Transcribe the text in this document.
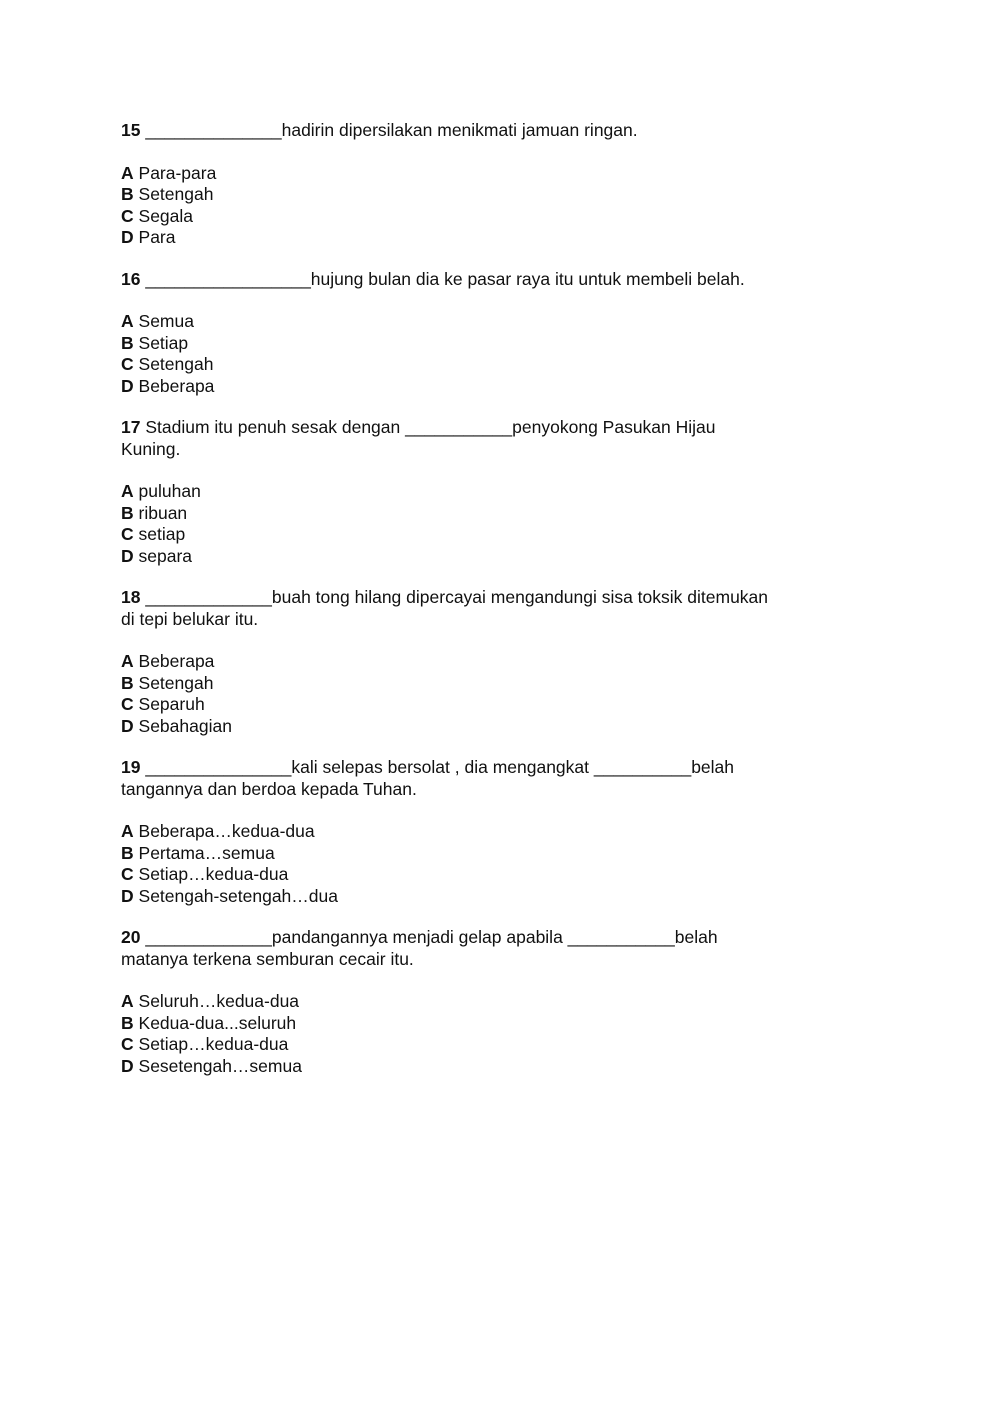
15 ______________hadirin dipersilakan menikmati jamuan ringan.

A Para-para
B Setengah
C Segala
D Para

16 _________________hujung bulan dia ke pasar raya itu untuk membeli belah.

A Semua
B Setiap
C Setengah
D Beberapa

17 Stadium itu penuh sesak dengan ___________penyokong Pasukan Hijau
Kuning.

A puluhan
B ribuan
C setiap
D separa

18 _____________buah tong hilang dipercayai mengandungi sisa toksik ditemukan
di tepi belukar itu.

A Beberapa
B Setengah
C Separuh
D Sebahagian

19 _______________kali selepas bersolat , dia mengangkat __________belah
tangannya dan berdoa kepada Tuhan.

A Beberapa…kedua-dua
B Pertama…semua
C Setiap…kedua-dua
D Setengah-setengah…dua

20 _____________pandangannya menjadi gelap apabila ___________belah
matanya terkena semburan cecair itu.

A Seluruh…kedua-dua
B Kedua-dua...seluruh
C Setiap…kedua-dua
D Sesetengah…semua
